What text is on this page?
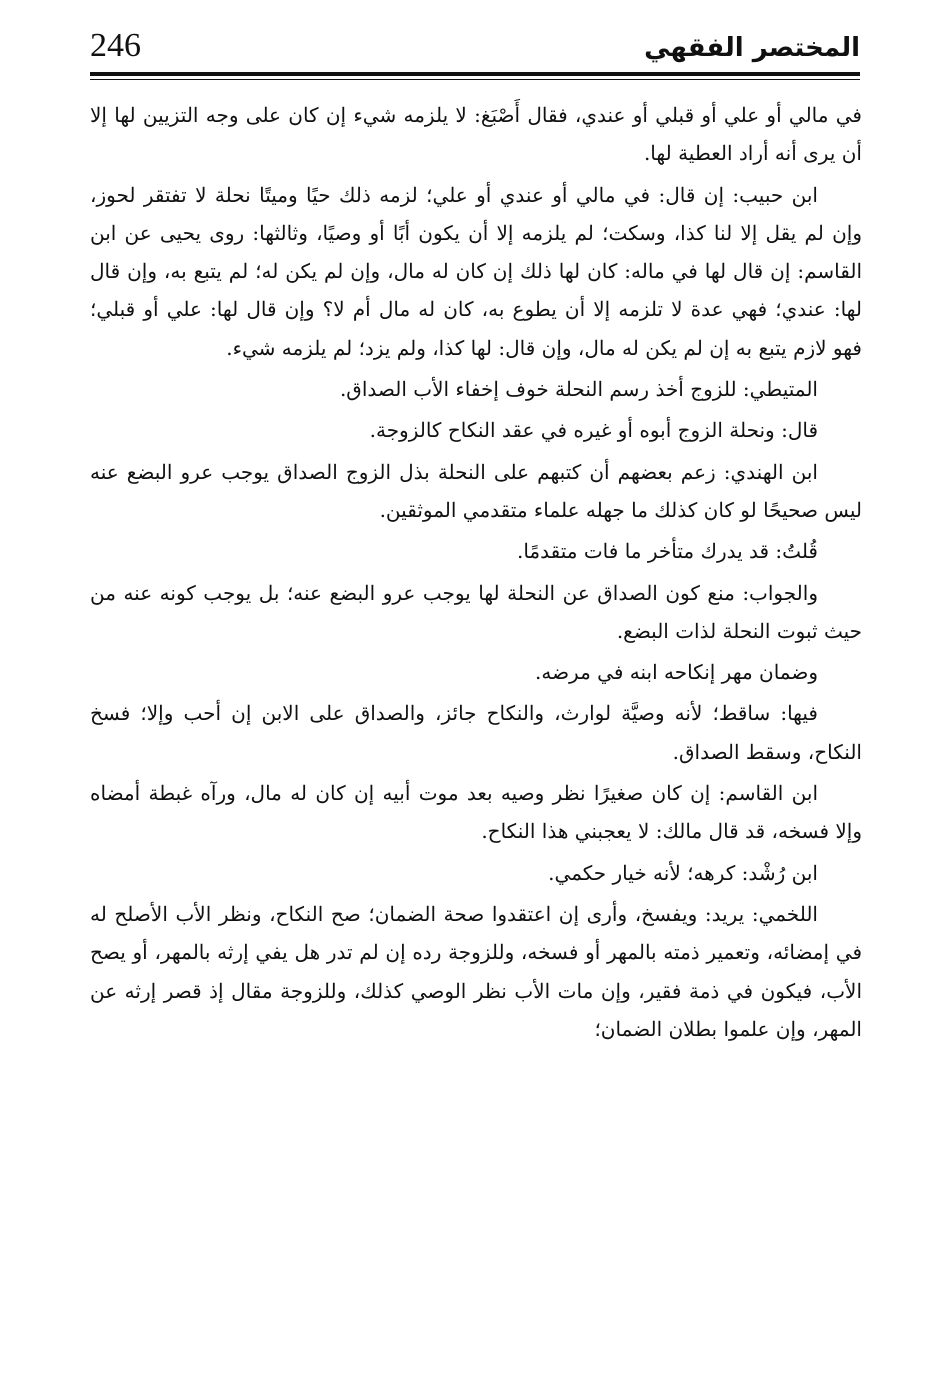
246	المختصر الفقهي

في مالي أو علي أو قبلي أو عندي، فقال أَصْبَغ: لا يلزمه شيء إن كان على وجه التزيين لها إلا أن يرى أنه أراد العطية لها.

ابن حبيب: إن قال: في مالي أو عندي أو علي؛ لزمه ذلك حيًا وميتًا نحلة لا تفتقر لحوز، وإن لم يقل إلا لنا كذا، وسكت؛ لم يلزمه إلا أن يكون أبًا أو وصيًا، وثالثها: روى يحيى عن ابن القاسم: إن قال لها في ماله: كان لها ذلك إن كان له مال، وإن لم يكن له؛ لم يتبع به، وإن قال لها: عندي؛ فهي عدة لا تلزمه إلا أن يطوع به، كان له مال أم لا؟ وإن قال لها: علي أو قبلي؛ فهو لازم يتبع به إن لم يكن له مال، وإن قال: لها كذا، ولم يزد؛ لم يلزمه شيء.

المتيطي: للزوج أخذ رسم النحلة خوف إخفاء الأب الصداق.

قال: ونحلة الزوج أبوه أو غيره في عقد النكاح كالزوجة.

ابن الهندي: زعم بعضهم أن كتبهم على النحلة بذل الزوج الصداق يوجب عرو البضع عنه ليس صحيحًا لو كان كذلك ما جهله علماء متقدمي الموثقين.

قُلتُ: قد يدرك متأخر ما فات متقدمًا.

والجواب: منع كون الصداق عن النحلة لها يوجب عرو البضع عنه؛ بل يوجب كونه عنه من حيث ثبوت النحلة لذات البضع.

وضمان مهر إنكاحه ابنه في مرضه.

فيها: ساقط؛ لأنه وصيَّة لوارث، والنكاح جائز، والصداق على الابن إن أحب وإلا؛ فسخ النكاح، وسقط الصداق.

ابن القاسم: إن كان صغيرًا نظر وصيه بعد موت أبيه إن كان له مال، ورآه غبطة أمضاه وإلا فسخه، قد قال مالك: لا يعجبني هذا النكاح.

ابن رُشْد: كرهه؛ لأنه خيار حكمي.

اللخمي: يريد: ويفسخ، وأرى إن اعتقدوا صحة الضمان؛ صح النكاح، ونظر الأب الأصلح له في إمضائه، وتعمير ذمته بالمهر أو فسخه، وللزوجة رده إن لم تدر هل يفي إرثه بالمهر، أو يصح الأب، فيكون في ذمة فقير، وإن مات الأب نظر الوصي كذلك، وللزوجة مقال إذ قصر إرثه عن المهر، وإن علموا بطلان الضمان؛
